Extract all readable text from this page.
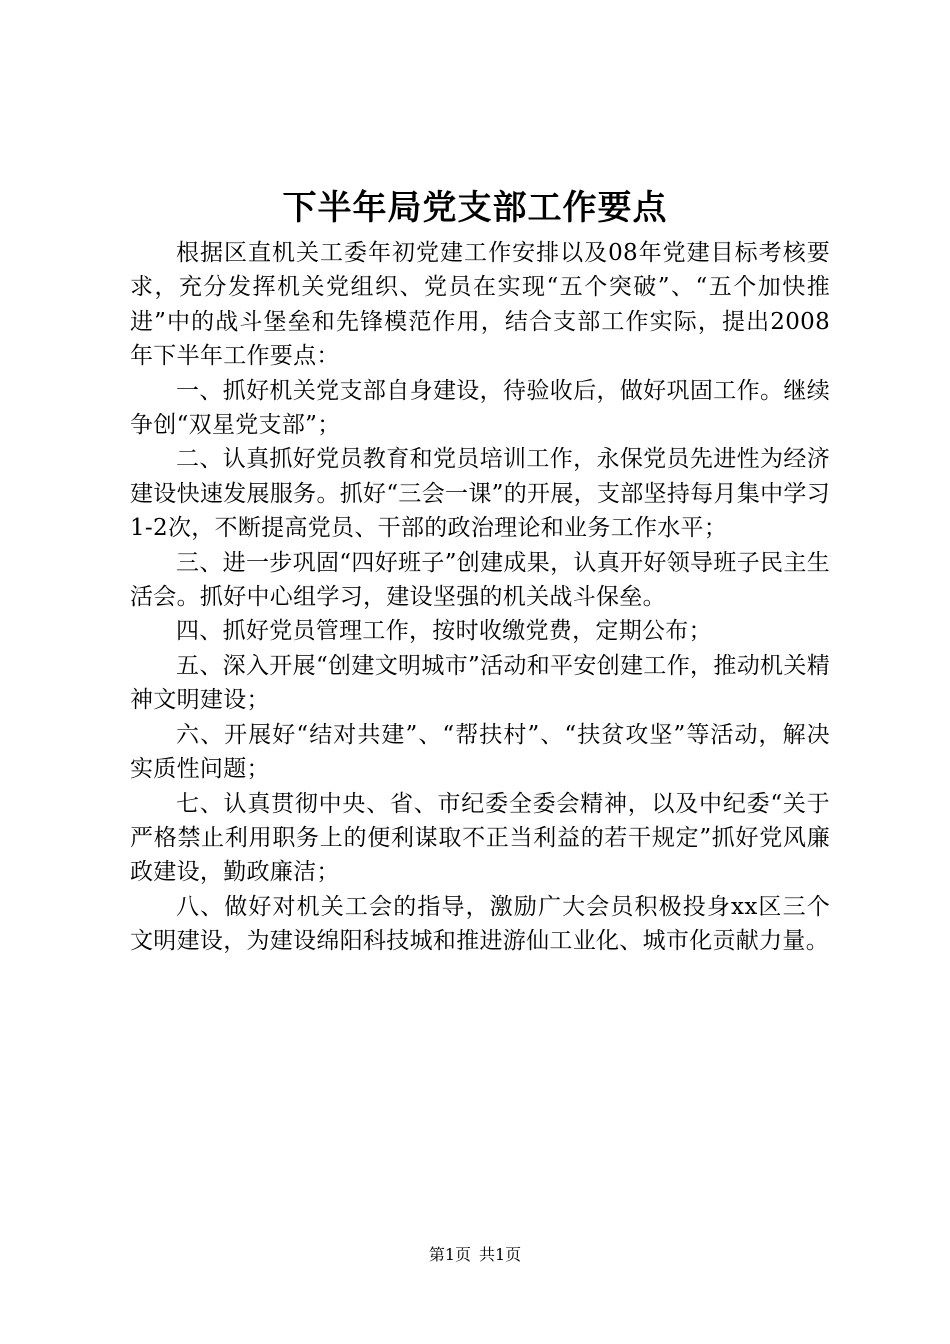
下半年局党支部工作要点

根据区直机关工委年初党建工作安排以及08年党建目标考核要求，充分发挥机关党组织、党员在实现“五个突破”、“五个加快推进”中的战斗堡垒和先锋模范作用，结合支部工作实际，提出2008年下半年工作要点：

一、抓好机关党支部自身建设，待验收后，做好巩固工作。继续争创“双星党支部”；

二、认真抓好党员教育和党员培训工作，永保党员先进性为经济建设快速发展服务。抓好“三会一课”的开展，支部坚持每月集中学习1-2次，不断提高党员、干部的政治理论和业务工作水平；

三、进一步巩固“四好班子”创建成果，认真开好领导班子民主生活会。抓好中心组学习，建设坚强的机关战斗保垒。

四、抓好党员管理工作，按时收缴党费，定期公布；

五、深入开展“创建文明城市”活动和平安创建工作，推动机关精神文明建设；

六、开展好“结对共建”、“帮扶村”、“扶贫攻坚”等活动，解决实质性问题；

七、认真贯彻中央、省、市纪委全委会精神，以及中纪委“关于严格禁止利用职务上的便利谋取不正当利益的若干规定”抓好党风廉政建设，勤政廉洁；

八、做好对机关工会的指导，激励广大会员积极投身xx区三个文明建设，为建设绵阳科技城和推进游仙工业化、城市化贡献力量。

第1页 共1页
